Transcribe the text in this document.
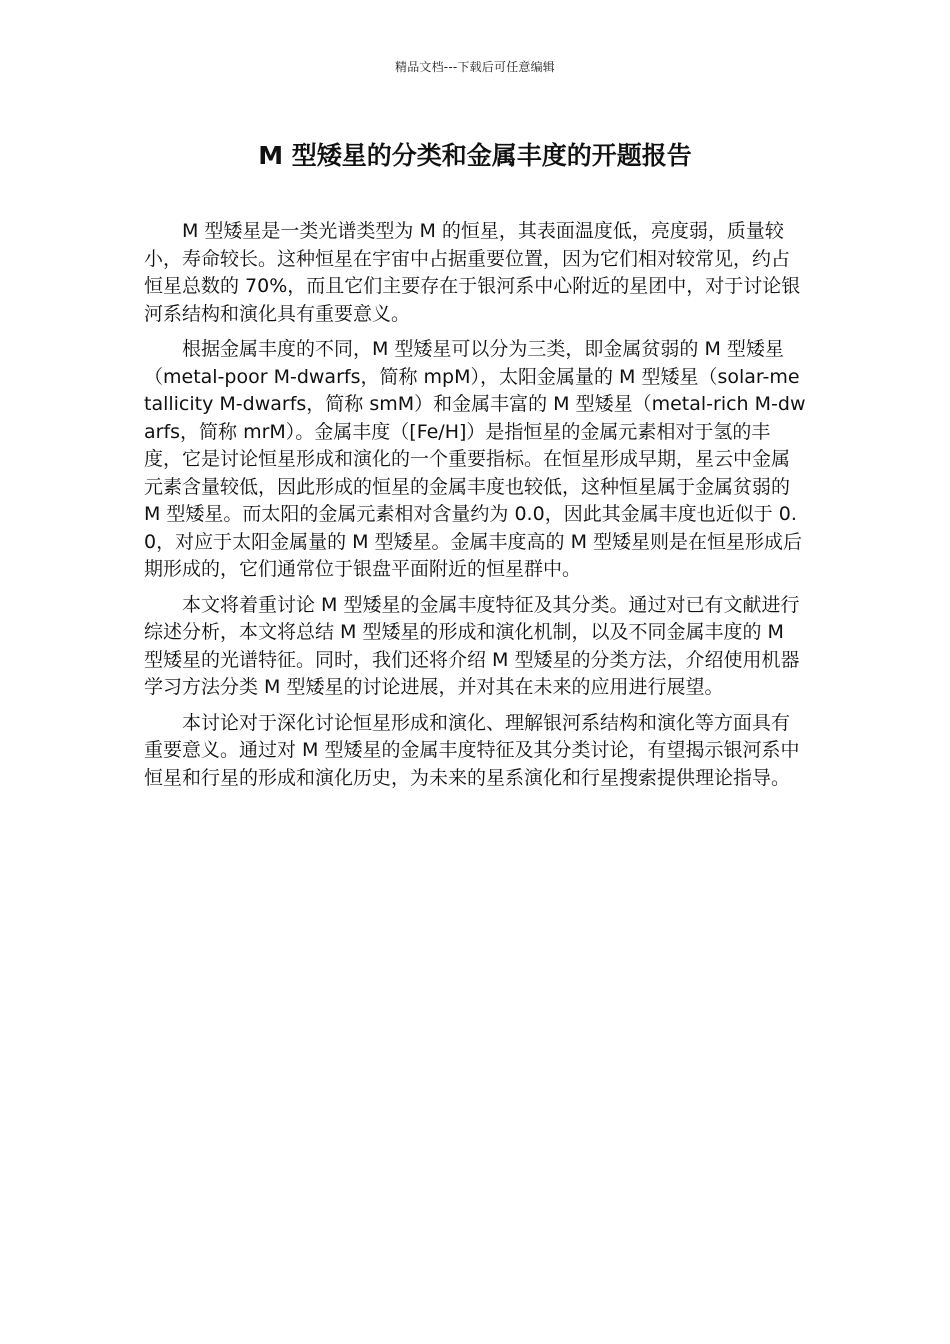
精品文档---下载后可任意编辑
M 型矮星的分类和金属丰度的开题报告

M 型矮星是一类光谱类型为 M 的恒星，其表面温度低，亮度弱，质量较小，寿命较长。这种恒星在宇宙中占据重要位置，因为它们相对较常见，约占恒星总数的 70%，而且它们主要存在于银河系中心附近的星团中，对于讨论银河系结构和演化具有重要意义。

根据金属丰度的不同，M 型矮星可以分为三类，即金属贫弱的 M 型矮星（metal-poor M-dwarfs，简称 mpM），太阳金属量的 M 型矮星（solar-metallicity M-dwarfs，简称 smM）和金属丰富的 M 型矮星（metal-rich M-dwarfs，简称 mrM）。金属丰度（[Fe/H]）是指恒星的金属元素相对于氢的丰度，它是讨论恒星形成和演化的一个重要指标。在恒星形成早期，星云中金属元素含量较低，因此形成的恒星的金属丰度也较低，这种恒星属于金属贫弱的 M 型矮星。而太阳的金属元素相对含量约为 0.0，因此其金属丰度也近似于 0.0，对应于太阳金属量的 M 型矮星。金属丰度高的 M 型矮星则是在恒星形成后期形成的，它们通常位于银盘平面附近的恒星群中。

本文将着重讨论 M 型矮星的金属丰度特征及其分类。通过对已有文献进行综述分析，本文将总结 M 型矮星的形成和演化机制，以及不同金属丰度的 M 型矮星的光谱特征。同时，我们还将介绍 M 型矮星的分类方法，介绍使用机器学习方法分类 M 型矮星的讨论进展，并对其在未来的应用进行展望。

本讨论对于深化讨论恒星形成和演化、理解银河系结构和演化等方面具有重要意义。通过对 M 型矮星的金属丰度特征及其分类讨论，有望揭示银河系中恒星和行星的形成和演化历史，为未来的星系演化和行星搜索提供理论指导。
